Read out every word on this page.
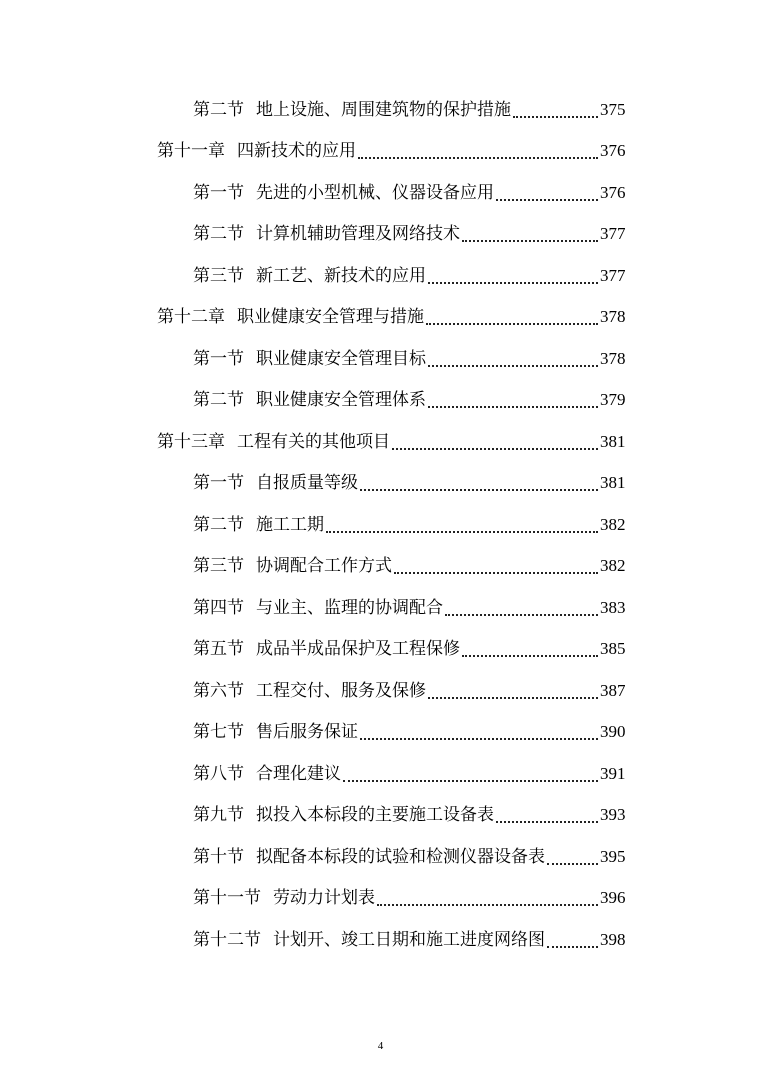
第二节 地上设施、周围建筑物的保护措施	375
第十一章 四新技术的应用	376
第一节 先进的小型机械、仪器设备应用	376
第二节 计算机辅助管理及网络技术	377
第三节 新工艺、新技术的应用	377
第十二章 职业健康安全管理与措施	378
第一节 职业健康安全管理目标	378
第二节 职业健康安全管理体系	379
第十三章 工程有关的其他项目	381
第一节 自报质量等级	381
第二节 施工工期	382
第三节 协调配合工作方式	382
第四节 与业主、监理的协调配合	383
第五节 成品半成品保护及工程保修	385
第六节 工程交付、服务及保修	387
第七节 售后服务保证	390
第八节 合理化建议	391
第九节 拟投入本标段的主要施工设备表	393
第十节 拟配备本标段的试验和检测仪器设备表	395
第十一节 劳动力计划表	396
第十二节 计划开、竣工日期和施工进度网络图	398
4
